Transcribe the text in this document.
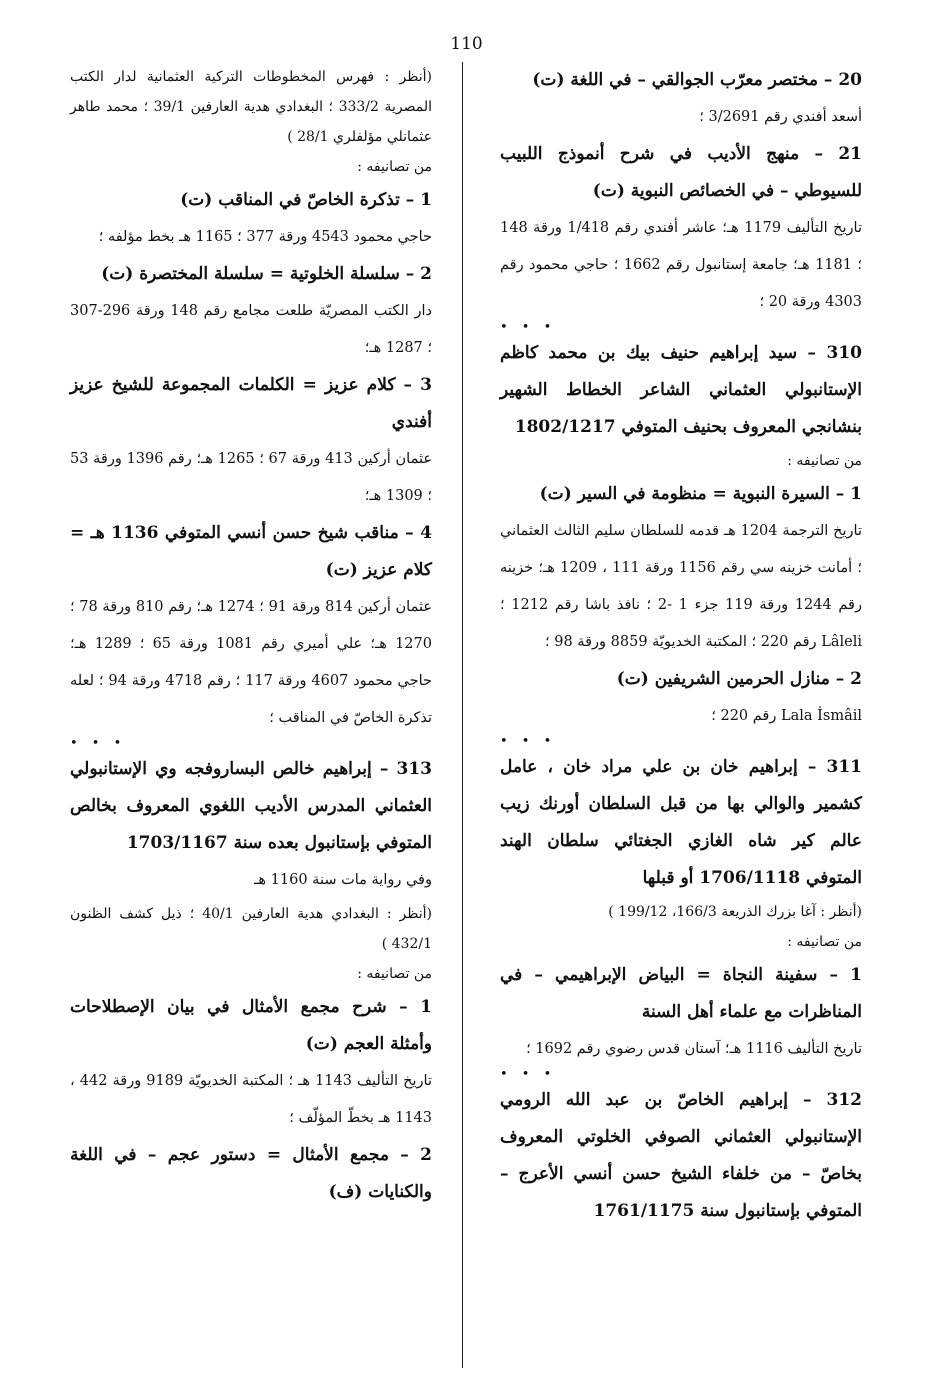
110

20 – مختصر معرّب الجوالقي – في اللغة (ت)

أسعد أفندي رقم 3/2691 ؛

21 – منهج الأديب في شرح أنموذج اللبيب للسيوطي – في الخصائص النبوية (ت)

تاريخ التأليف 1179 هـ؛ عاشر أفندي رقم 1/418 ورقة 148 ؛ 1181 هـ؛ جامعة إستانبول رقم 1662 ؛ حاجي محمود رقم 4303 ورقة 20 ؛

• • •

310 – سيد إبراهيم حنيف بيك بن محمد كاظم الإستانبولي العثماني الشاعر الخطاط الشهير بنشانجي المعروف بحنيف المتوفي 1802/1217

من تصانيفه :

1 – السيرة النبوية = منظومة في السير (ت)

تاريخ الترجمة 1204 هـ قدمه للسلطان سليم الثالث العثماني ؛ أمانت خزينه سي رقم 1156 ورقة 111 ، 1209 هـ؛ خزينه رقم 1244 ورقة 119 جزء 1 -2 ؛ نافذ باشا رقم 1212 ؛ Lâleli رقم 220 ؛ المكتبة الخديويّة 8859 ورقة 98 ؛

2 – منازل الحرمين الشريفين (ت)

Lala İsmâil رقم 220 ؛

• • •

311 – إبراهيم خان بن علي مراد خان ، عامل كشمير والوالي بها من قبل السلطان أورنك زيب عالم كير شاه الغازي الجغتائي سلطان الهند المتوفي 1706/1118 أو قبلها

(أنظر : آغا بزرك الذريعة 166/3، 199/12 )

من تصانيفه :

1 – سفينة النجاة = البياض الإبراهيمي – في المناظرات مع علماء أهل السنة

تاريخ التأليف 1116 هـ؛ آستان قدس رضوي رقم 1692 ؛

• • •

312 – إبراهيم الخاصّ بن عبد الله الرومي الإستانبولي العثماني الصوفي الخلوتي المعروف بخاصّ – من خلفاء الشيخ حسن أنسي الأعرج – المتوفي بإستانبول سنة 1761/1175

(أنظر : فهرس المخطوطات التركية العثمانية لدار الكتب المصرية 333/2 ؛ البغدادي هدية العارفين 39/1 ؛ محمد طاهر عثمانلي مؤلفلري 28/1 )

من تصانيفه :

1 – تذكرة الخاصّ في المناقب (ت)

حاجي محمود 4543 ورقة 377 ؛ 1165 هـ بخط مؤلفه ؛

2 – سلسلة الخلوتية = سلسلة المختصرة (ت)

دار الكتب المصريّة طلعت مجامع رقم 148 ورقة 296-307 ؛ 1287 هـ؛

3 – كلام عزيز = الكلمات المجموعة للشيخ عزيز أفندي

عثمان أركين 413 ورقة 67 ؛ 1265 هـ؛ رقم 1396 ورقة 53 ؛ 1309 هـ؛

4 – مناقب شيخ حسن أنسي المتوفي 1136 هـ = كلام عزيز (ت)

عثمان أركين 814 ورقة 91 ؛ 1274 هـ؛ رقم 810 ورقة 78 ؛ 1270 هـ؛ علي أميري رقم 1081 ورقة 65 ؛ 1289 هـ؛ حاجي محمود 4607 ورقة 117 ؛ رقم 4718 ورقة 94 ؛ لعله تذكرة الخاصّ في المناقب ؛

• • •

313 – إبراهيم خالص البساروفجه وي الإستانبولي العثماني المدرس الأديب اللغوي المعروف بخالص المتوفي بإستانبول بعده سنة 1703/1167

وفي رواية مات سنة 1160 هـ

(أنظر : البغدادي هدية العارفين 40/1 ؛ ذيل كشف الظنون 432/1 )

من تصانيفه :

1 – شرح مجمع الأمثال في بيان الإصطلاحات وأمثلة العجم (ت)

تاريخ التأليف 1143 هـ ؛ المكتبة الخديويّة 9189 ورقة 442 ، 1143 هـ بخطّ المؤلّف ؛

2 – مجمع الأمثال = دستور عجم – في اللغة والكنايات (ف)
